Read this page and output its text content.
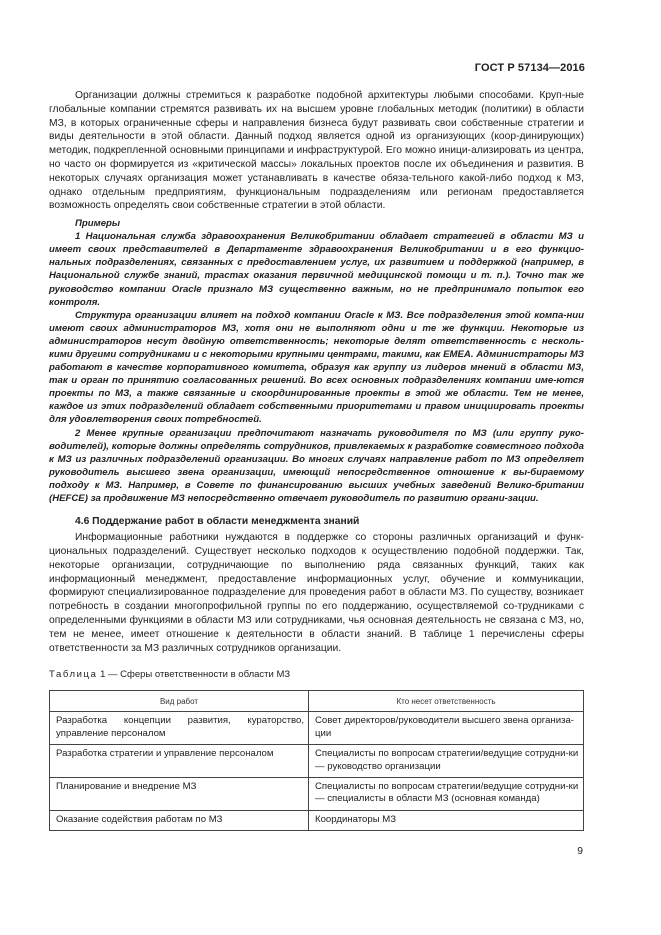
ГОСТ Р 57134—2016

Организации должны стремиться к разработке подобной архитектуры любыми способами. Круп-ные глобальные компании стремятся развивать их на высшем уровне глобальных методик (политики) в области МЗ, в которых ограниченные сферы и направления бизнеса будут развивать свои собственные стратегии и виды деятельности в этой области. Данный подход является одной из организующих (коор-динирующих) методик, подкрепленной основными принципами и инфраструктурой. Его можно иници-ализировать из центра, но часто он формируется из «критической массы» локальных проектов после их объединения и развития. В некоторых случаях организация может устанавливать в качестве обяза-тельного какой-либо подход к МЗ, однако отдельным предприятиям, функциональным подразделениям или регионам предоставляется возможность определять свои собственные стратегии в этой области.

Примеры

1 Национальная служба здравоохранения Великобритании обладает стратегией в области МЗ и имеет своих представителей в Департаменте здравоохранения Великобритании и в его функцио-нальных подразделениях, связанных с предоставлением услуг, их развитием и поддержкой (например, в Национальной службе знаний, трастах оказания первичной медицинской помощи и т. п.). Точно так же руководство компании Oracle признало МЗ существенно важным, но не предпринимало попыток его контроля.

Структура организации влияет на подход компании Oracle к МЗ. Все подразделения этой компа-нии имеют своих администраторов МЗ, хотя они не выполняют одни и те же функции. Некоторые из администраторов несут двойную ответственность; некоторые делят ответственность с несколь-кими другими сотрудниками и с некоторыми крупными центрами, такими, как EMEA. Администраторы МЗ работают в качестве корпоративного комитета, образуя как группу из лидеров мнений в области МЗ, так и орган по принятию согласованных решений. Во всех основных подразделениях компании име-ются проекты по МЗ, а также связанные и скоординированные проекты в этой же области. Тем не менее, каждое из этих подразделений обладает собственными приоритетами и правом инициировать проекты для удовлетворения своих потребностей.

2 Менее крупные организации предпочитают назначать руководителя по МЗ (или группу руко-водителей), которые должны определять сотрудников, привлекаемых к разработке совместного подхода к МЗ из различных подразделений организации. Во многих случаях направление работ по МЗ определяет руководитель высшего звена организации, имеющий непосредственное отношение к вы-бираемому подходу к МЗ. Например, в Совете по финансированию высших учебных заведений Велико-британии (HEFCE) за продвижение МЗ непосредственно отвечает руководитель по развитию органи-зации.

4.6 Поддержание работ в области менеджмента знаний

Информационные работники нуждаются в поддержке со стороны различных организаций и функ-циональных подразделений. Существует несколько подходов к осуществлению подобной поддержки. Так, некоторые организации, сотрудничающие по выполнению ряда связанных функций, таких как информационный менеджмент, предоставление информационных услуг, обучение и коммуникации, формируют специализированное подразделение для проведения работ в области МЗ. По существу, возникает потребность в создании многопрофильной группы по его поддержанию, осуществляемой со-трудниками с определенными функциями в области МЗ или сотрудниками, чья основная деятельность не связана с МЗ, но, тем не менее, имеет отношение к деятельности в области знаний. В таблице 1 перечислены сферы ответственности за МЗ различных сотрудников организации.

Таблица 1 — Сферы ответственности в области МЗ
Вид работ	Кто несет ответственность
Разработка концепции развития, кураторство, управление персоналом	Совет директоров/руководители высшего звена организа-ции
Разработка стратегии и управление персоналом	Специалисты по вопросам стратегии/ведущие сотрудни-ки — руководство организации
Планирование и внедрение МЗ	Специалисты по вопросам стратегии/ведущие сотрудни-ки — специалисты в области МЗ (основная команда)
Оказание содействия работам по МЗ	Координаторы МЗ
9
